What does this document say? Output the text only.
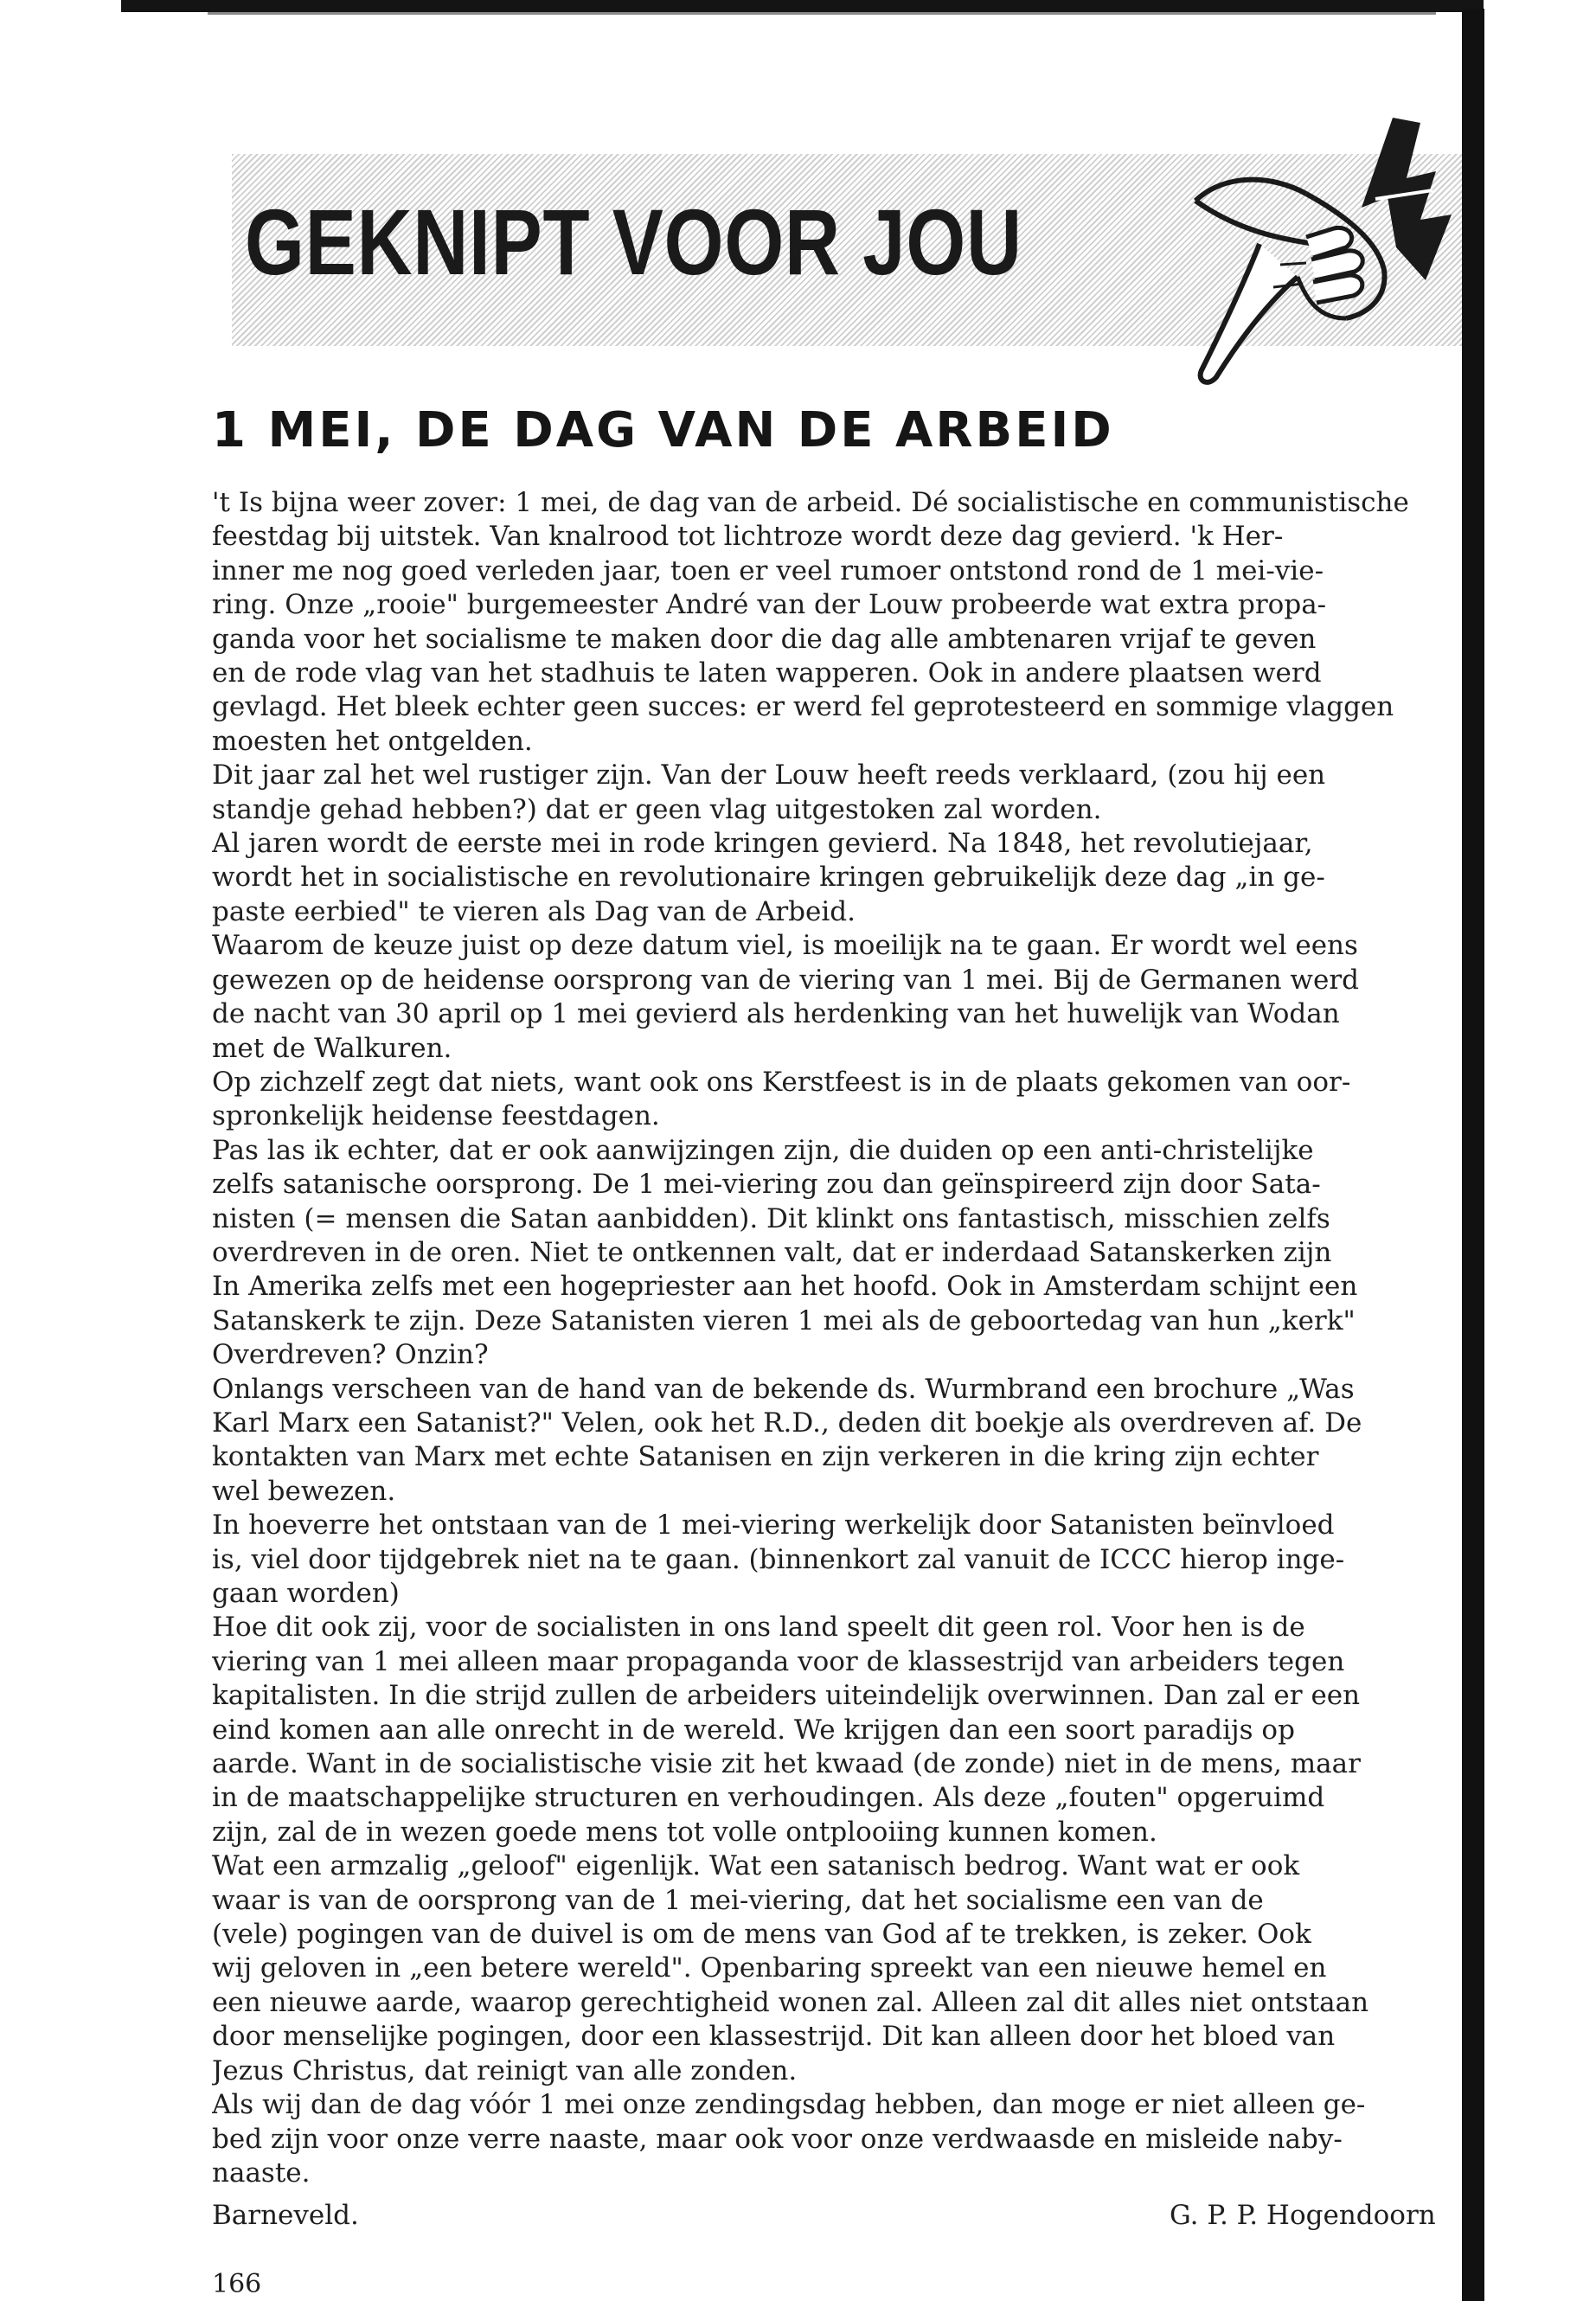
GEKNIPT VOOR JOU
1 MEI, DE DAG VAN DE ARBEID

't Is bijna weer zover: 1 mei, de dag van de arbeid. Dé socialistische en communistische

feestdag bij uitstek. Van knalrood tot lichtroze wordt deze dag gevierd. 'k Her-

inner me nog goed verleden jaar, toen er veel rumoer ontstond rond de 1 mei-vie-

ring. Onze „rooie" burgemeester André van der Louw probeerde wat extra propa-

ganda voor het socialisme te maken door die dag alle ambtenaren vrijaf te geven

en de rode vlag van het stadhuis te laten wapperen. Ook in andere plaatsen werd

gevlagd. Het bleek echter geen succes: er werd fel geprotesteerd en sommige vlaggen

moesten het ontgelden.

Dit jaar zal het wel rustiger zijn. Van der Louw heeft reeds verklaard, (zou hij een

standje gehad hebben?) dat er geen vlag uitgestoken zal worden.

Al jaren wordt de eerste mei in rode kringen gevierd. Na 1848, het revolutiejaar,

wordt het in socialistische en revolutionaire kringen gebruikelijk deze dag „in ge-

paste eerbied" te vieren als Dag van de Arbeid.

Waarom de keuze juist op deze datum viel, is moeilijk na te gaan. Er wordt wel eens

gewezen op de heidense oorsprong van de viering van 1 mei. Bij de Germanen werd

de nacht van 30 april op 1 mei gevierd als herdenking van het huwelijk van Wodan

met de Walkuren.

Op zichzelf zegt dat niets, want ook ons Kerstfeest is in de plaats gekomen van oor-

spronkelijk heidense feestdagen.

Pas las ik echter, dat er ook aanwijzingen zijn, die duiden op een anti-christelijke

zelfs satanische oorsprong. De 1 mei-viering zou dan geïnspireerd zijn door Sata-

nisten (= mensen die Satan aanbidden). Dit klinkt ons fantastisch, misschien zelfs

overdreven in de oren. Niet te ontkennen valt, dat er inderdaad Satanskerken zijn

In Amerika zelfs met een hogepriester aan het hoofd. Ook in Amsterdam schijnt een

Satanskerk te zijn. Deze Satanisten vieren 1 mei als de geboortedag van hun „kerk"

Overdreven? Onzin?

Onlangs verscheen van de hand van de bekende ds. Wurmbrand een brochure „Was

Karl Marx een Satanist?" Velen, ook het R.D., deden dit boekje als overdreven af. De

kontakten van Marx met echte Satanisen en zijn verkeren in die kring zijn echter

wel bewezen.

In hoeverre het ontstaan van de 1 mei-viering werkelijk door Satanisten beïnvloed

is, viel door tijdgebrek niet na te gaan. (binnenkort zal vanuit de ICCC hierop inge-

gaan worden)

Hoe dit ook zij, voor de socialisten in ons land speelt dit geen rol. Voor hen is de

viering van 1 mei alleen maar propaganda voor de klassestrijd van arbeiders tegen

kapitalisten. In die strijd zullen de arbeiders uiteindelijk overwinnen. Dan zal er een

eind komen aan alle onrecht in de wereld. We krijgen dan een soort paradijs op

aarde. Want in de socialistische visie zit het kwaad (de zonde) niet in de mens, maar

in de maatschappelijke structuren en verhoudingen. Als deze „fouten" opgeruimd

zijn, zal de in wezen goede mens tot volle ontplooiing kunnen komen.

Wat een armzalig „geloof" eigenlijk. Wat een satanisch bedrog. Want wat er ook

waar is van de oorsprong van de 1 mei-viering, dat het socialisme een van de

(vele) pogingen van de duivel is om de mens van God af te trekken, is zeker. Ook

wij geloven in „een betere wereld". Openbaring spreekt van een nieuwe hemel en

een nieuwe aarde, waarop gerechtigheid wonen zal. Alleen zal dit alles niet ontstaan

door menselijke pogingen, door een klassestrijd. Dit kan alleen door het bloed van

Jezus Christus, dat reinigt van alle zonden.

Als wij dan de dag vóór 1 mei onze zendingsdag hebben, dan moge er niet alleen ge-

bed zijn voor onze verre naaste, maar ook voor onze verdwaasde en misleide naby-

naaste.

Barneveld.	G. P. P. Hogendoorn
166
